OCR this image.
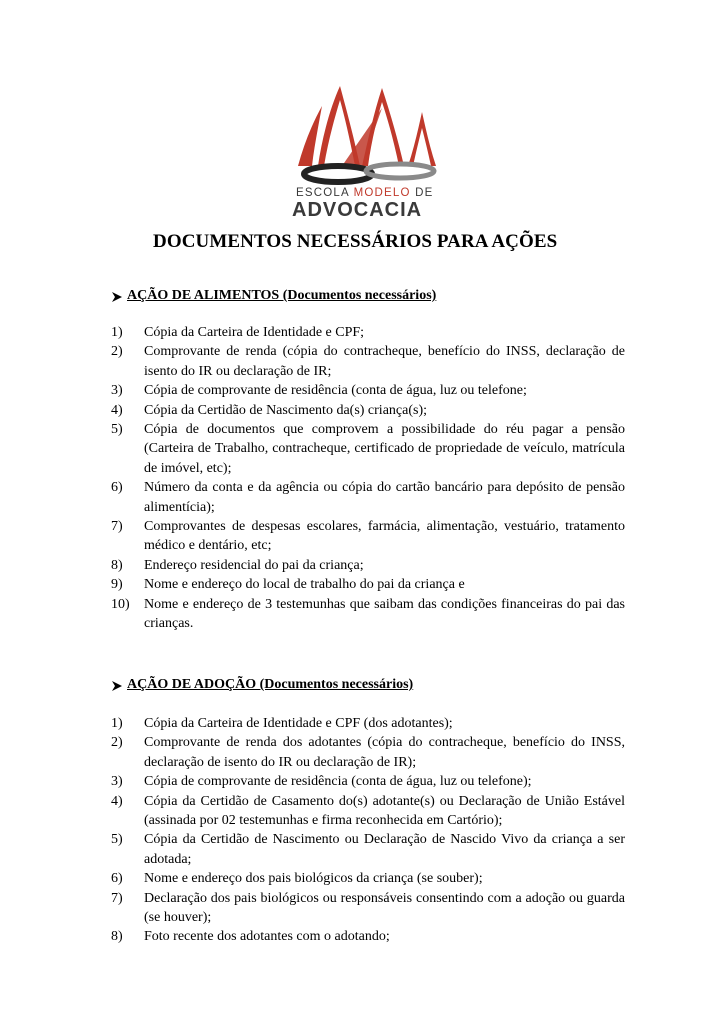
ESCOLA MODELO DE
ADVOCACIA
DOCUMENTOS NECESSÁRIOS PARA AÇÕES
AÇÃO DE ALIMENTOS (Documentos necessários)
1) Cópia da Carteira de Identidade e CPF;
2) Comprovante de renda (cópia do contracheque, benefício do INSS, declaração de isento do IR ou declaração de IR;
3) Cópia de comprovante de residência (conta de água, luz ou telefone;
4) Cópia da Certidão de Nascimento da(s) criança(s);
5) Cópia de documentos que comprovem a possibilidade do réu pagar a pensão (Carteira de Trabalho, contracheque, certificado de propriedade de veículo, matrícula de imóvel, etc);
6) Número da conta e da agência ou cópia do cartão bancário para depósito de pensão alimentícia);
7) Comprovantes de despesas escolares, farmácia, alimentação, vestuário, tratamento médico e dentário, etc;
8) Endereço residencial do pai da criança;
9) Nome e endereço do local de trabalho do pai da criança e
10) Nome e endereço de 3 testemunhas que saibam das condições financeiras do pai das crianças.
AÇÃO DE ADOÇÃO (Documentos necessários)
1) Cópia da Carteira de Identidade e CPF (dos adotantes);
2) Comprovante de renda dos adotantes (cópia do contracheque, benefício do INSS, declaração de isento do IR ou declaração de IR);
3) Cópia de comprovante de residência (conta de água, luz ou telefone);
4) Cópia da Certidão de Casamento do(s) adotante(s) ou Declaração de União Estável (assinada por 02 testemunhas e firma reconhecida em Cartório);
5) Cópia da Certidão de Nascimento ou Declaração de Nascido Vivo da criança a ser adotada;
6) Nome e endereço dos pais biológicos da criança (se souber);
7) Declaração dos pais biológicos ou responsáveis consentindo com a adoção ou guarda (se houver);
8) Foto recente dos adotantes com o adotando;
